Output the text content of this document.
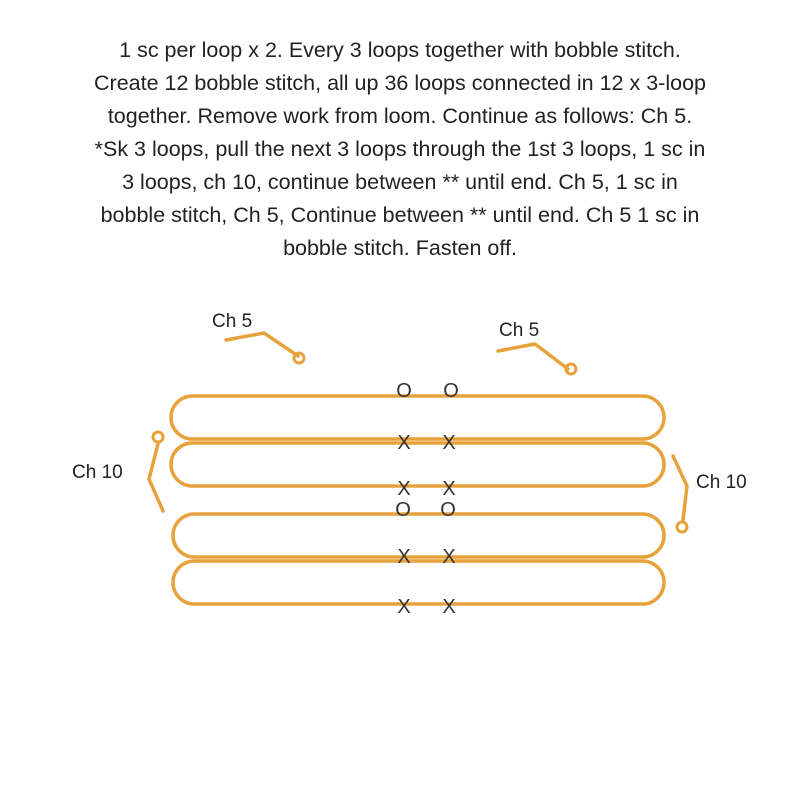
1 sc per loop x 2. Every 3 loops together with bobble stitch.
Create 12 bobble stitch, all up 36 loops connected in 12 x 3-loop
together. Remove work from loom. Continue as follows: Ch 5.
*Sk 3 loops, pull the next 3 loops through the 1st 3 loops, 1 sc in
3 loops, ch 10, continue between ** until end. Ch 5, 1 sc in
bobble stitch, Ch 5, Continue between ** until end. Ch 5 1 sc in
bobble stitch. Fasten off.

Ch 5	Ch 5
Ch 10	Ch 10
O O
X X
X X
O O
X X
X X
